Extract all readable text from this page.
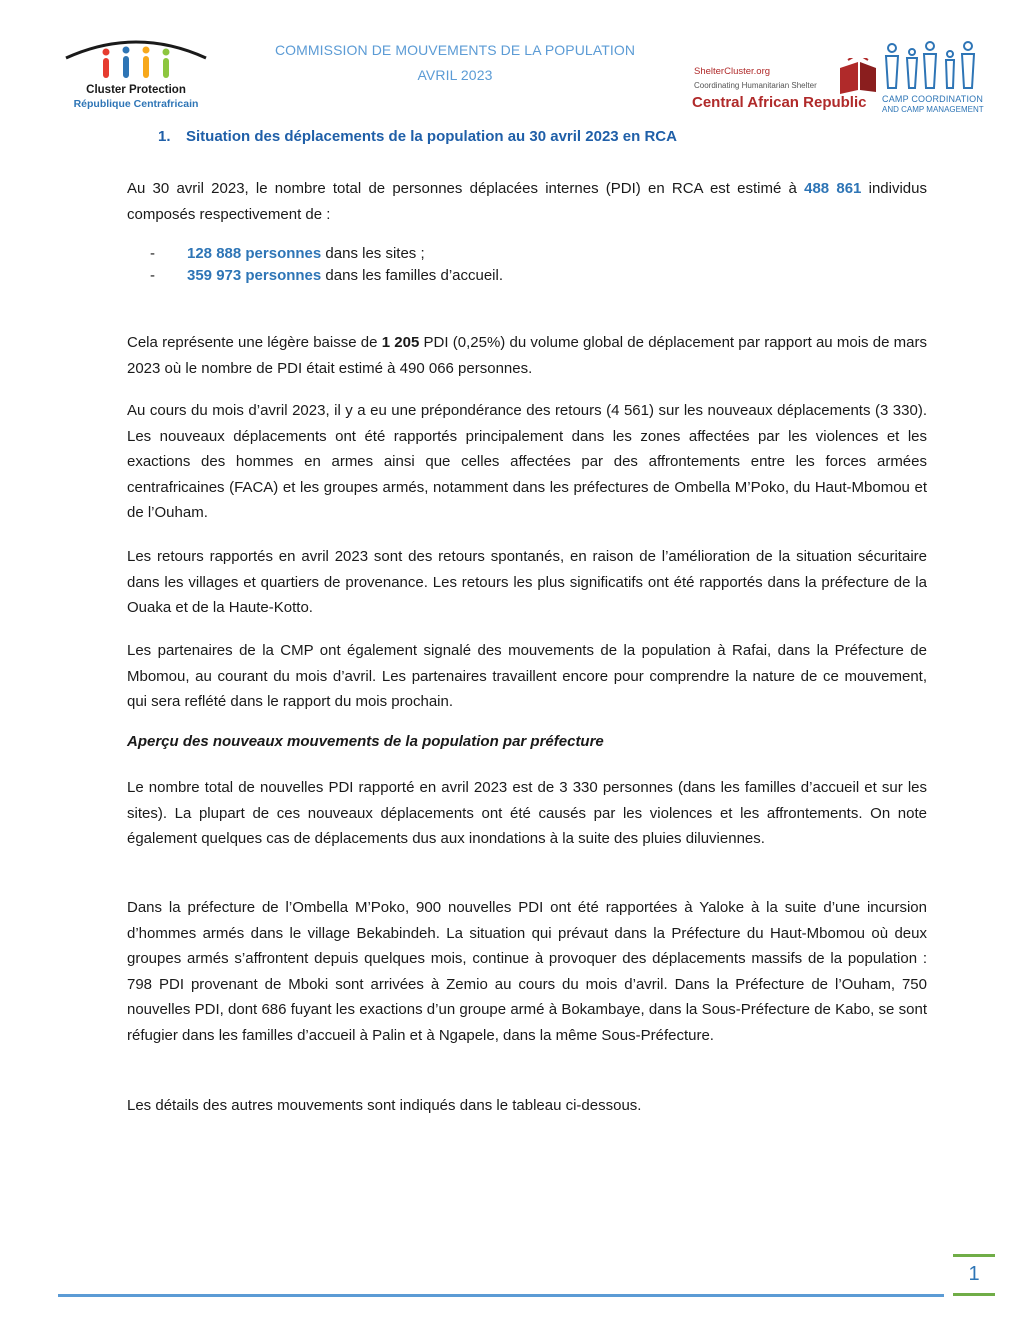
Cluster Protection
République Centrafricain
COMMISSION DE MOUVEMENTS DE LA POPULATION
AVRIL 2023	ShelterCluster.org
Coordinating Humanitarian Shelter
Central African Republic CAMP COORDINATION
AND CAMP MANAGEMENT
1. Situation des déplacements de la population au 30 avril 2023 en RCA
Au 30 avril 2023, le nombre total de personnes déplacées internes (PDI) en RCA est estimé à 488 861 individus composés respectivement de :
-	128 888 personnes dans les sites ;
-	359 973 personnes dans les familles d’accueil.
Cela représente une légère baisse de 1 205 PDI (0,25%) du volume global de déplacement par rapport au mois de mars 2023 où le nombre de PDI était estimé à 490 066 personnes.
Au cours du mois d’avril 2023, il y a eu une prépondérance des retours (4 561) sur les nouveaux déplacements (3 330). Les nouveaux déplacements ont été rapportés principalement dans les zones affectées par les violences et les exactions des hommes en armes ainsi que celles affectées par des affrontements entre les forces armées centrafricaines (FACA) et les groupes armés, notamment dans les préfectures de Ombella M’Poko, du Haut-Mbomou et de l’Ouham.
Les retours rapportés en avril 2023 sont des retours spontanés, en raison de l’amélioration de la situation sécuritaire dans les villages et quartiers de provenance. Les retours les plus significatifs ont été rapportés dans la préfecture de la Ouaka et de la Haute-Kotto.
Les partenaires de la CMP ont également signalé des mouvements de la population à Rafai, dans la Préfecture de Mbomou, au courant du mois d’avril. Les partenaires travaillent encore pour comprendre la nature de ce mouvement, qui sera reflété dans le rapport du mois prochain.
Aperçu des nouveaux mouvements de la population par préfecture
Le nombre total de nouvelles PDI rapporté en avril 2023 est de 3 330 personnes (dans les familles d’accueil et sur les sites). La plupart de ces nouveaux déplacements ont été causés par les violences et les affrontements. On note également quelques cas de déplacements dus aux inondations à la suite des pluies diluviennes.
Dans la préfecture de l’Ombella M’Poko, 900 nouvelles PDI ont été rapportées à Yaloke à la suite d’une incursion d’hommes armés dans le village Bekabindeh. La situation qui prévaut dans la Préfecture du Haut-Mbomou où deux groupes armés s’affrontent depuis quelques mois, continue à provoquer des déplacements massifs de la population : 798 PDI provenant de Mboki sont arrivées à Zemio au cours du mois d’avril. Dans la Préfecture de l’Ouham, 750 nouvelles PDI, dont 686 fuyant les exactions d’un groupe armé à Bokambaye, dans la Sous-Préfecture de Kabo, se sont réfugier dans les familles d’accueil à Palin et à Ngapele, dans la même Sous-Préfecture.
Les détails des autres mouvements sont indiqués dans le tableau ci-dessous.
1
